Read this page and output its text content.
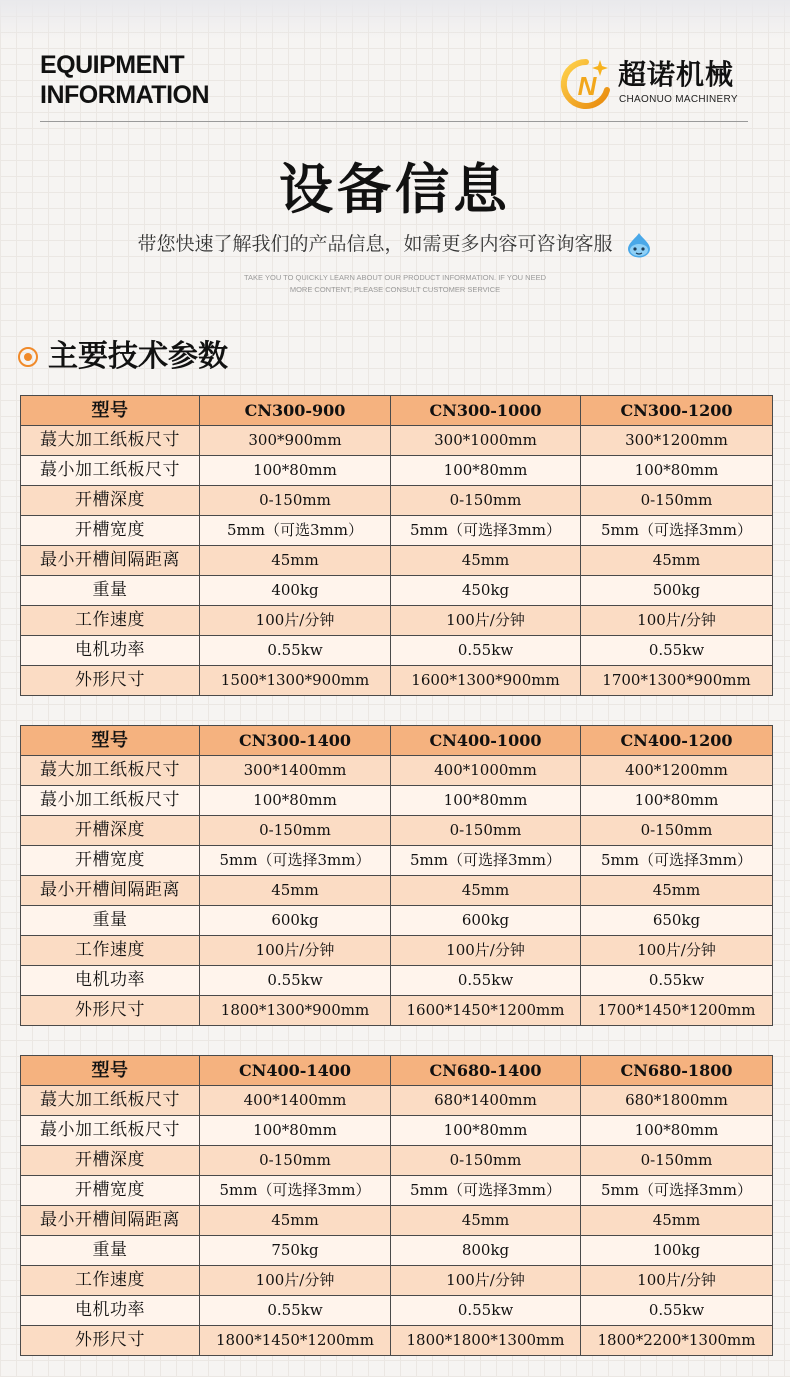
EQUIPMENT
INFORMATION	N 超诺机械
CHAONUO MACHINERY
设备信息
带您快速了解我们的产品信息，如需更多内容可咨询客服
TAKE YOU TO QUICKLY LEARN ABOUT OUR PRODUCT INFORMATION. IF YOU NEED
MORE CONTENT, PLEASE CONSULT CUSTOMER SERVICE
主要技术参数
型号	CN300-900	CN300-1000	CN300-1200
蕞大加工纸板尺寸	300*900mm	300*1000mm	300*1200mm
蕞小加工纸板尺寸	100*80mm	100*80mm	100*80mm
开槽深度	0-150mm	0-150mm	0-150mm
开槽宽度	5mm（可选3mm）	5mm（可选择3mm）	5mm（可选择3mm）
最小开槽间隔距离	45mm	45mm	45mm
重量	400kg	450kg	500kg
工作速度	100片/分钟	100片/分钟	100片/分钟
电机功率	0.55kw	0.55kw	0.55kw
外形尺寸	1500*1300*900mm	1600*1300*900mm	1700*1300*900mm
型号	CN300-1400	CN400-1000	CN400-1200
蕞大加工纸板尺寸	300*1400mm	400*1000mm	400*1200mm
蕞小加工纸板尺寸	100*80mm	100*80mm	100*80mm
开槽深度	0-150mm	0-150mm	0-150mm
开槽宽度	5mm（可选择3mm）	5mm（可选择3mm）	5mm（可选择3mm）
最小开槽间隔距离	45mm	45mm	45mm
重量	600kg	600kg	650kg
工作速度	100片/分钟	100片/分钟	100片/分钟
电机功率	0.55kw	0.55kw	0.55kw
外形尺寸	1800*1300*900mm	1600*1450*1200mm	1700*1450*1200mm
型号	CN400-1400	CN680-1400	CN680-1800
蕞大加工纸板尺寸	400*1400mm	680*1400mm	680*1800mm
蕞小加工纸板尺寸	100*80mm	100*80mm	100*80mm
开槽深度	0-150mm	0-150mm	0-150mm
开槽宽度	5mm（可选择3mm）	5mm（可选择3mm）	5mm（可选择3mm）
最小开槽间隔距离	45mm	45mm	45mm
重量	750kg	800kg	100kg
工作速度	100片/分钟	100片/分钟	100片/分钟
电机功率	0.55kw	0.55kw	0.55kw
外形尺寸	1800*1450*1200mm	1800*1800*1300mm	1800*2200*1300mm
